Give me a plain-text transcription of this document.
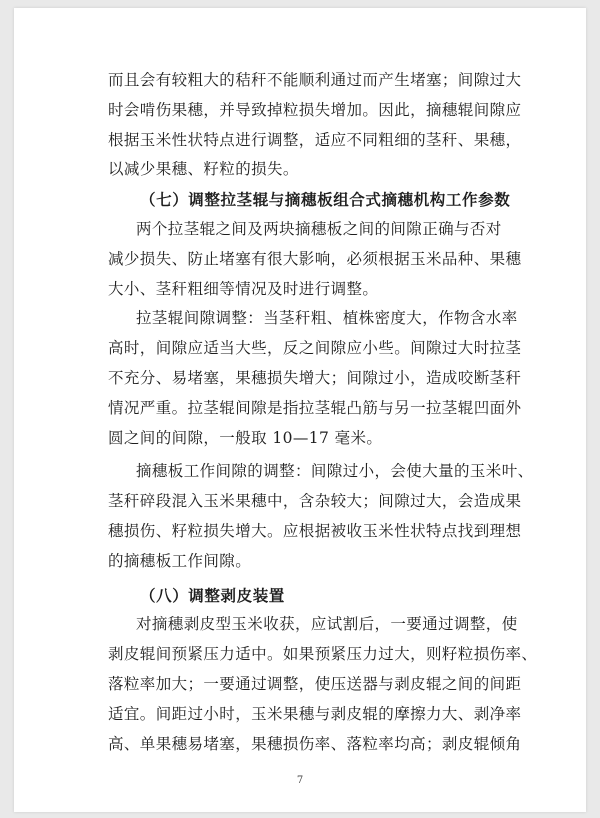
而且会有较粗大的秸秆不能顺利通过而产生堵塞；间隙过大
时会啃伤果穗，并导致掉粒损失增加。因此，摘穗辊间隙应
根据玉米性状特点进行调整，适应不同粗细的茎秆、果穗，
以减少果穗、籽粒的损失。
（七）调整拉茎辊与摘穗板组合式摘穗机构工作参数
两个拉茎辊之间及两块摘穗板之间的间隙正确与否对
减少损失、防止堵塞有很大影响，必须根据玉米品种、果穗
大小、茎秆粗细等情况及时进行调整。
拉茎辊间隙调整：当茎秆粗、植株密度大，作物含水率
高时，间隙应适当大些，反之间隙应小些。间隙过大时拉茎
不充分、易堵塞，果穗损失增大；间隙过小，造成咬断茎秆
情况严重。拉茎辊间隙是指拉茎辊凸筋与另一拉茎辊凹面外
圆之间的间隙，一般取 10—17 毫米。
摘穗板工作间隙的调整：间隙过小，会使大量的玉米叶、
茎秆碎段混入玉米果穗中，含杂较大；间隙过大，会造成果
穗损伤、籽粒损失增大。应根据被收玉米性状特点找到理想
的摘穗板工作间隙。
（八）调整剥皮装置
对摘穗剥皮型玉米收获，应试割后，一要通过调整，使
剥皮辊间预紧压力适中。如果预紧压力过大，则籽粒损伤率、
落粒率加大；一要通过调整，使压送器与剥皮辊之间的间距
适宜。间距过小时，玉米果穗与剥皮辊的摩擦力大、剥净率
高、单果穗易堵塞，果穗损伤率、落粒率均高；剥皮辊倾角
7
